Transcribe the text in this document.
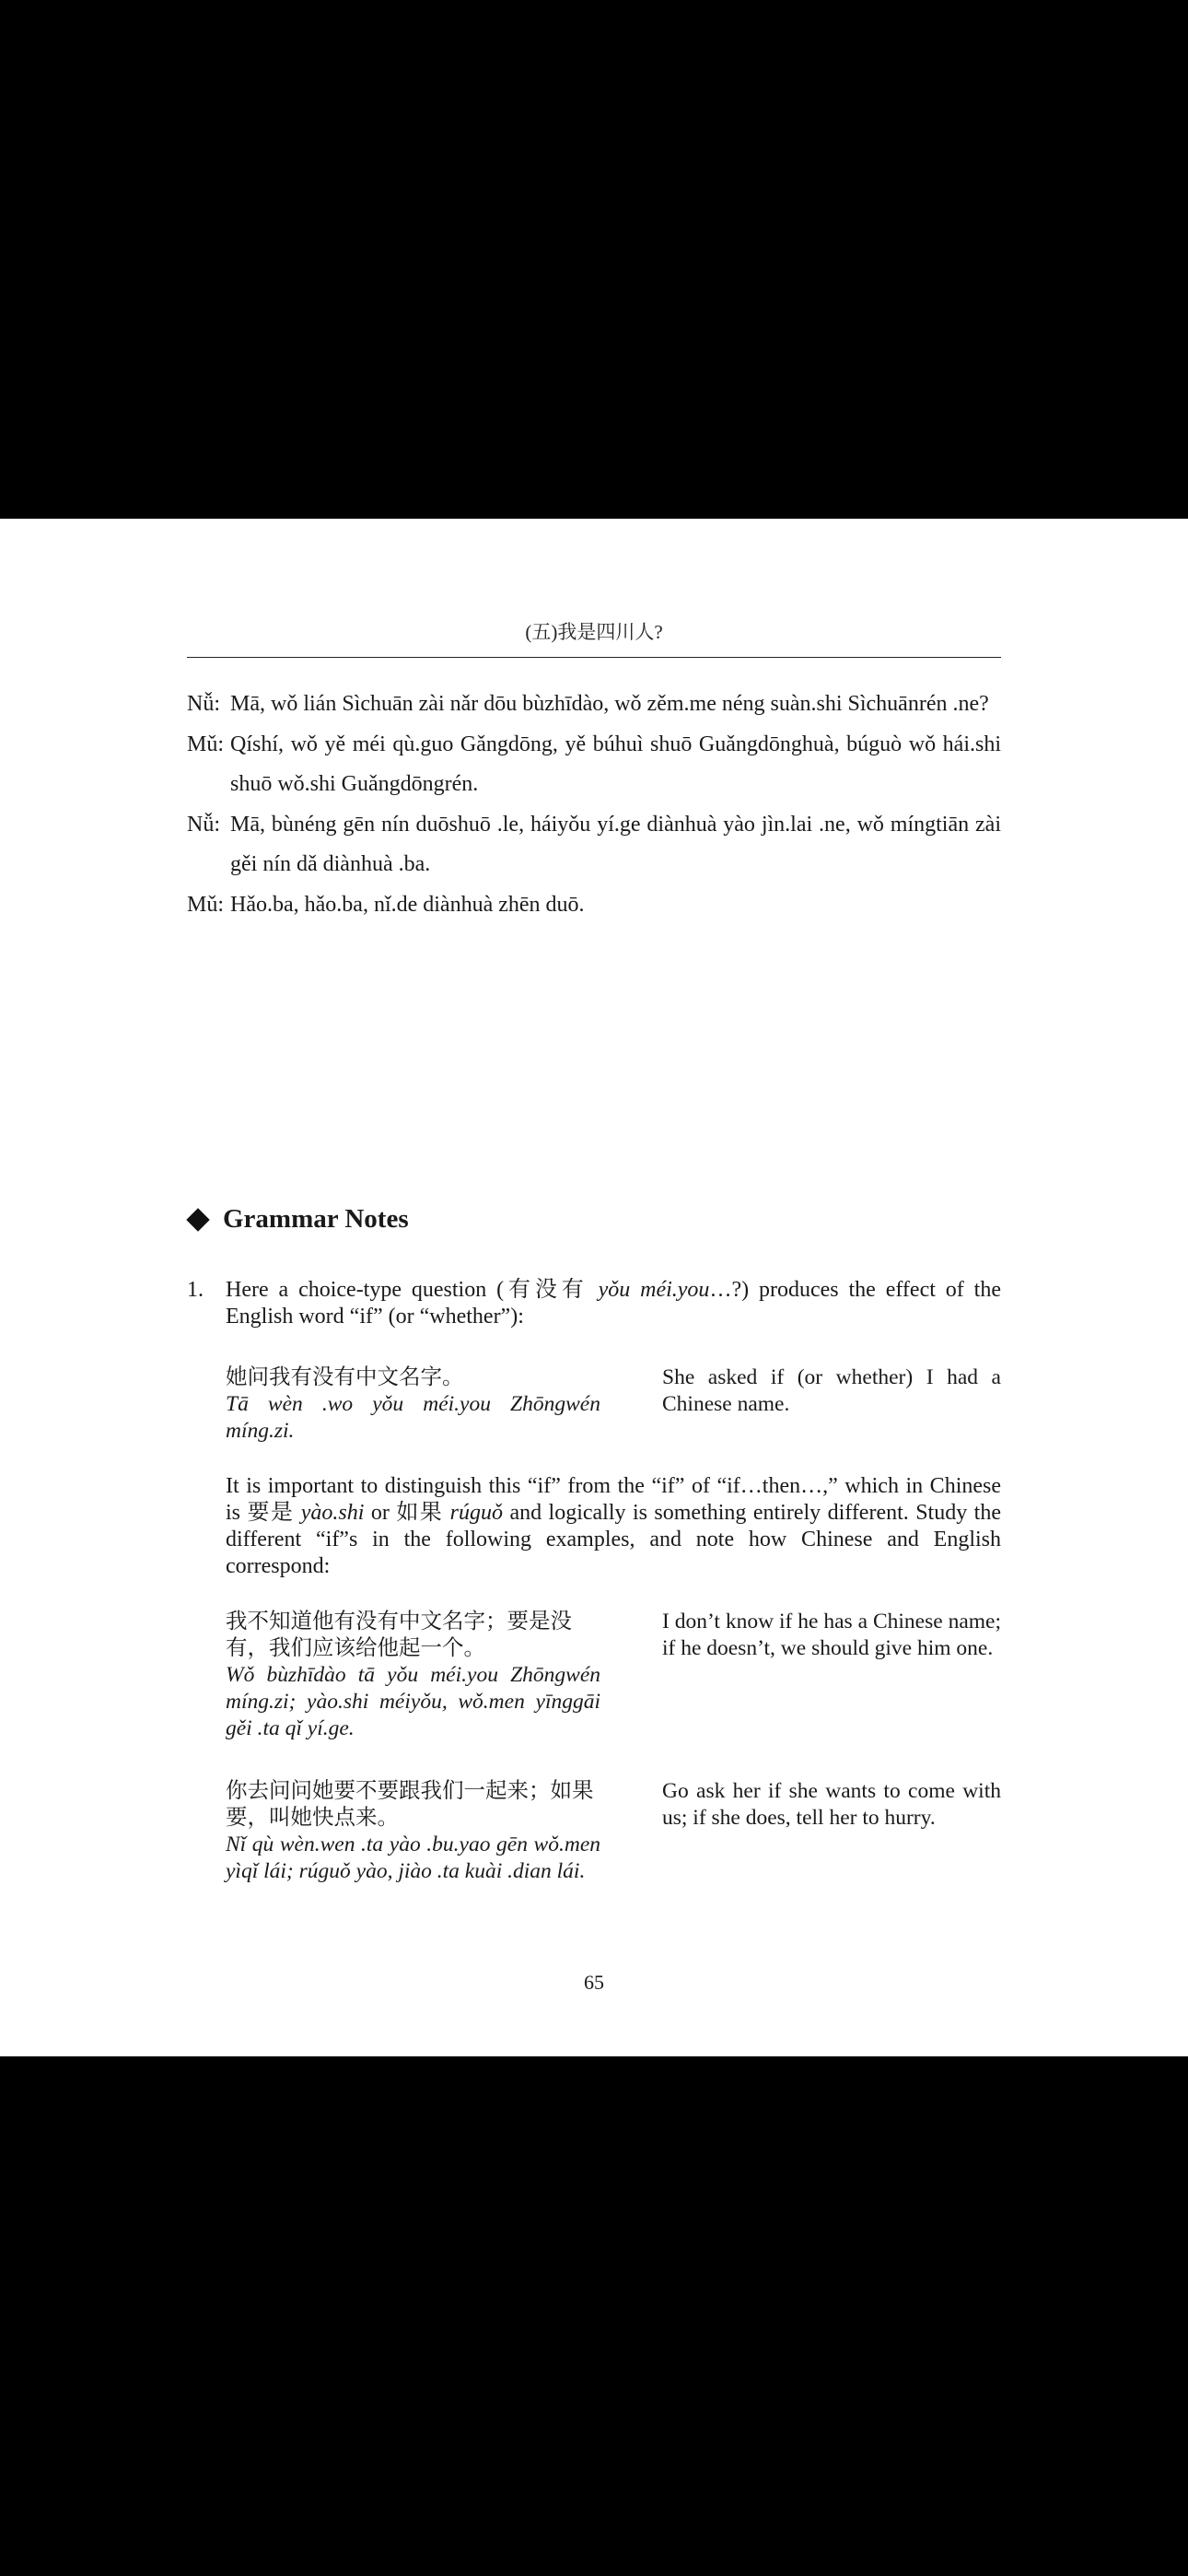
(五)我是四川人?
Nǚ: Mā, wǒ lián Sìchuān zài nǎr dōu bùzhīdào, wǒ zěm.me néng suàn.shi Sìchuānrén .ne?
Mǔ: Qíshí, wǒ yě méi qù.guo Gǎngdōng, yě búhuì shuō Guǎngdōnghuà, búguò wǒ hái.shi shuō wǒ.shi Guǎngdōngrén.
Nǚ: Mā, bùnéng gēn nín duōshuō .le, háiyǒu yí.ge diànhuà yào jìn.lai .ne, wǒ míngtiān zài gěi nín dǎ diànhuà .ba.
Mǔ: Hǎo.ba, hǎo.ba, nǐ.de diànhuà zhēn duō.
Grammar Notes
1. Here a choice-type question (有没有 yǒu méi.you…?) produces the effect of the English word “if” (or “whether”):
她问我有没有中文名字。
Tā wèn .wo yǒu méi.you Zhōngwén míng.zi.
She asked if (or whether) I had a Chinese name.
It is important to distinguish this “if” from the “if” of “if…then…,” which in Chinese is 要是 yào.shi or 如果 rúguǒ and logically is something entirely different. Study the different “if”s in the following examples, and note how Chinese and English correspond:
我不知道他有没有中文名字；要是没有，我们应该给他起一个。
Wǒ bùzhīdào tā yǒu méi.you Zhōngwén míng.zi; yào.shi méiyǒu, wǒ.men yīnggāi gěi .ta qǐ yí.ge.
I don’t know if he has a Chinese name; if he doesn’t, we should give him one.
你去问问她要不要跟我们一起来；如果要，叫她快点来。
Nǐ qù wèn.wen .ta yào .bu.yao gēn wǒ.men yìqǐ lái; rúguǒ yào, jiào .ta kuài .dian lái.
Go ask her if she wants to come with us; if she does, tell her to hurry.
65
